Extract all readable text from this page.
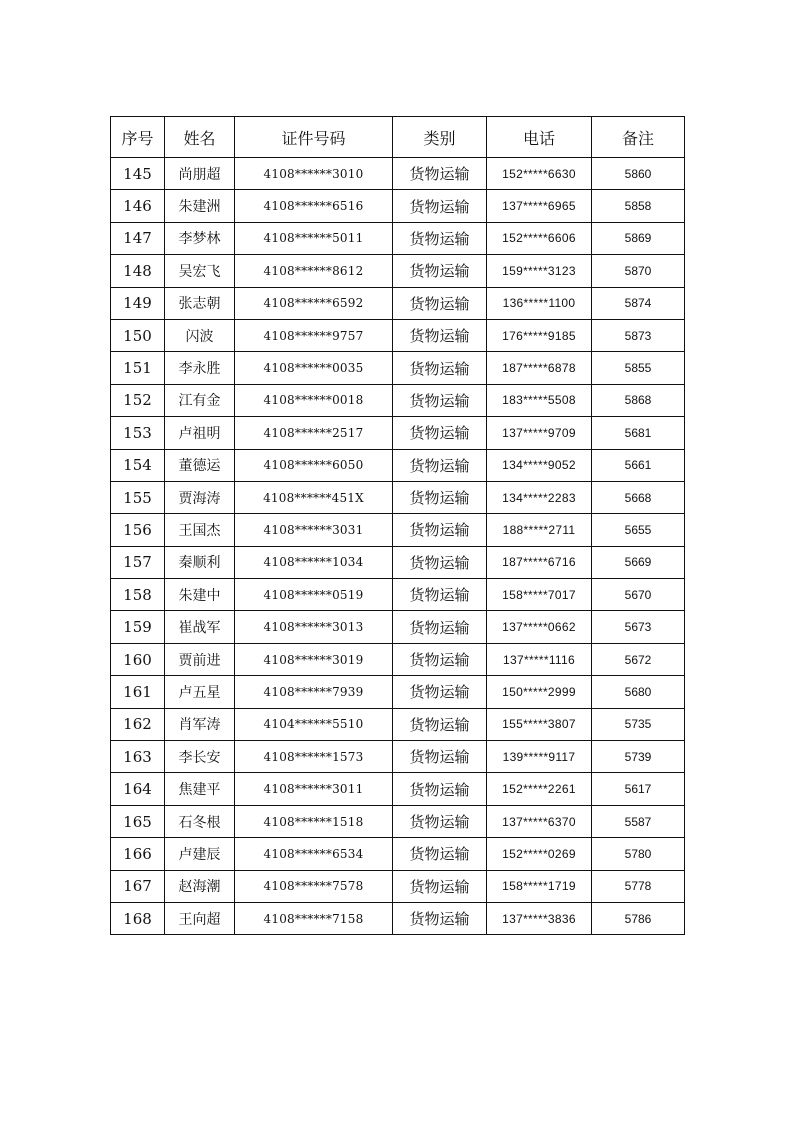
序号	姓名	证件号码	类别	电话	备注
145	尚朋超	4108******3010	货物运输	152*****6630	5860
146	朱建洲	4108******6516	货物运输	137*****6965	5858
147	李梦林	4108******5011	货物运输	152*****6606	5869
148	吴宏飞	4108******8612	货物运输	159*****3123	5870
149	张志朝	4108******6592	货物运输	136*****1100	5874
150	闪波	4108******9757	货物运输	176*****9185	5873
151	李永胜	4108******0035	货物运输	187*****6878	5855
152	江有金	4108******0018	货物运输	183*****5508	5868
153	卢祖明	4108******2517	货物运输	137*****9709	5681
154	董德运	4108******6050	货物运输	134*****9052	5661
155	贾海涛	4108******451X	货物运输	134*****2283	5668
156	王国杰	4108******3031	货物运输	188*****2711	5655
157	秦顺利	4108******1034	货物运输	187*****6716	5669
158	朱建中	4108******0519	货物运输	158*****7017	5670
159	崔战军	4108******3013	货物运输	137*****0662	5673
160	贾前进	4108******3019	货物运输	137*****1116	5672
161	卢五星	4108******7939	货物运输	150*****2999	5680
162	肖军涛	4104******5510	货物运输	155*****3807	5735
163	李长安	4108******1573	货物运输	139*****9117	5739
164	焦建平	4108******3011	货物运输	152*****2261	5617
165	石冬根	4108******1518	货物运输	137*****6370	5587
166	卢建辰	4108******6534	货物运输	152*****0269	5780
167	赵海潮	4108******7578	货物运输	158*****1719	5778
168	王向超	4108******7158	货物运输	137*****3836	5786
